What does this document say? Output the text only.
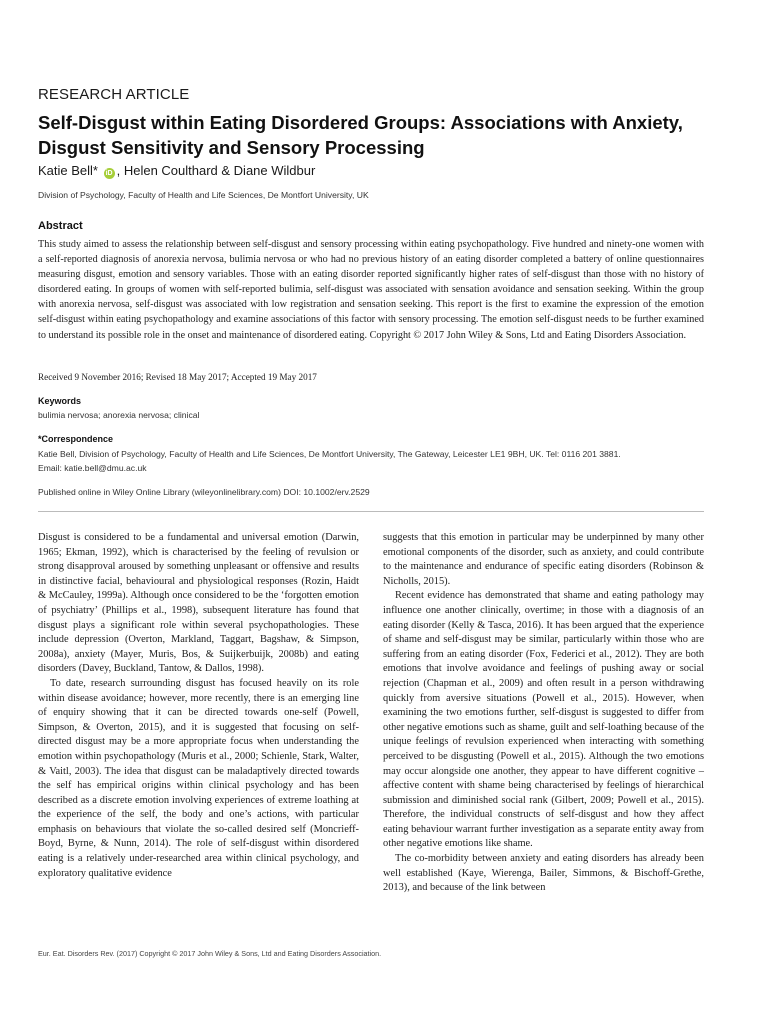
RESEARCH ARTICLE
Self-Disgust within Eating Disordered Groups: Associations with Anxiety, Disgust Sensitivity and Sensory Processing
Katie Bell* iD , Helen Coulthard & Diane Wildbur
Division of Psychology, Faculty of Health and Life Sciences, De Montfort University, UK
Abstract
This study aimed to assess the relationship between self-disgust and sensory processing within eating psychopathology. Five hundred and ninety-one women with a self-reported diagnosis of anorexia nervosa, bulimia nervosa or who had no previous history of an eating disorder completed a battery of online questionnaires measuring disgust, emotion and sensory variables. Those with an eating disorder reported significantly higher rates of self-disgust than those with no history of disordered eating. In groups of women with self-reported bulimia, self-disgust was associated with sensation avoidance and sensation seeking. Within the group with anorexia nervosa, self-disgust was associated with low registration and sensation seeking. This report is the first to examine the expression of the emotion self-disgust within eating psychopathology and examine associations of this factor with sensory processing. The emotion self-disgust needs to be further examined to understand its possible role in the onset and maintenance of disordered eating. Copyright © 2017 John Wiley & Sons, Ltd and Eating Disorders Association.
Received 9 November 2016; Revised 18 May 2017; Accepted 19 May 2017
Keywords
bulimia nervosa; anorexia nervosa; clinical
*Correspondence
Katie Bell, Division of Psychology, Faculty of Health and Life Sciences, De Montfort University, The Gateway, Leicester LE1 9BH, UK. Tel: 0116 201 3881.
Email: katie.bell@dmu.ac.uk
Published online in Wiley Online Library (wileyonlinelibrary.com) DOI: 10.1002/erv.2529

Disgust is considered to be a fundamental and universal emotion (Darwin, 1965; Ekman, 1992), which is characterised by the feeling of revulsion or strong disapproval aroused by something unpleasant or offensive and results in distinctive facial, behavioural and physiological responses (Rozin, Haidt & McCauley, 1999a). Although once considered to be the ‘forgotten emotion of psychiatry’ (Phillips et al., 1998), subsequent literature has found that disgust plays a significant role within several psychopathologies. These include depression (Overton, Markland, Taggart, Bagshaw, & Simpson, 2008a), anxiety (Mayer, Muris, Bos, & Suijkerbuijk, 2008b) and eating disorders (Davey, Buckland, Tantow, & Dallos, 1998).

To date, research surrounding disgust has focused heavily on its role within disease avoidance; however, more recently, there is an emerging line of enquiry showing that it can be directed towards one-self (Powell, Simpson, & Overton, 2015), and it is suggested that focusing on self-directed disgust may be a more appropriate focus when understanding the emotion within psychopathology (Muris et al., 2000; Schienle, Stark, Walter, & Vaitl, 2003). The idea that disgust can be maladaptively directed towards the self has empirical origins within clinical psychology and has been described as a discrete emotion involving experiences of extreme loathing at the experience of the self, the body and one’s actions, with particular emphasis on behaviours that violate the so-called desired self (Moncrieff-Boyd, Byrne, & Nunn, 2014). The role of self-disgust within disordered eating is a relatively under-researched area within clinical psychology, and exploratory qualitative evidence

suggests that this emotion in particular may be underpinned by many other emotional components of the disorder, such as anxiety, and could contribute to the maintenance and endurance of specific eating disorders (Robinson & Nicholls, 2015).

Recent evidence has demonstrated that shame and eating pathology may influence one another clinically, overtime; in those with a diagnosis of an eating disorder (Kelly & Tasca, 2016). It has been argued that the experience of shame and self-disgust may be similar, particularly within those who are suffering from an eating disorder (Fox, Federici et al., 2012). They are both emotions that involve avoidance and feelings of pushing away or social rejection (Chapman et al., 2009) and often result in a person withdrawing quickly from aversive situations (Powell et al., 2015). However, when examining the two emotions further, self-disgust is suggested to differ from other negative emotions such as shame, guilt and self-loathing because of the unique feelings of revulsion experienced when interacting with something perceived to be disgusting (Powell et al., 2015). Although the two emotions may occur alongside one another, they appear to have different cognitive –affective content with shame being characterised by feelings of hierarchical submission and diminished social rank (Gilbert, 2009; Powell et al., 2015). Therefore, the individual constructs of self-disgust and how they affect eating behaviour warrant further investigation as a separate entity away from other negative emotions like shame.

The co-morbidity between anxiety and eating disorders has already been well established (Kaye, Wierenga, Bailer, Simmons, & Bischoff-Grethe, 2013), and because of the link between

Eur. Eat. Disorders Rev. (2017) Copyright © 2017 John Wiley & Sons, Ltd and Eating Disorders Association.
